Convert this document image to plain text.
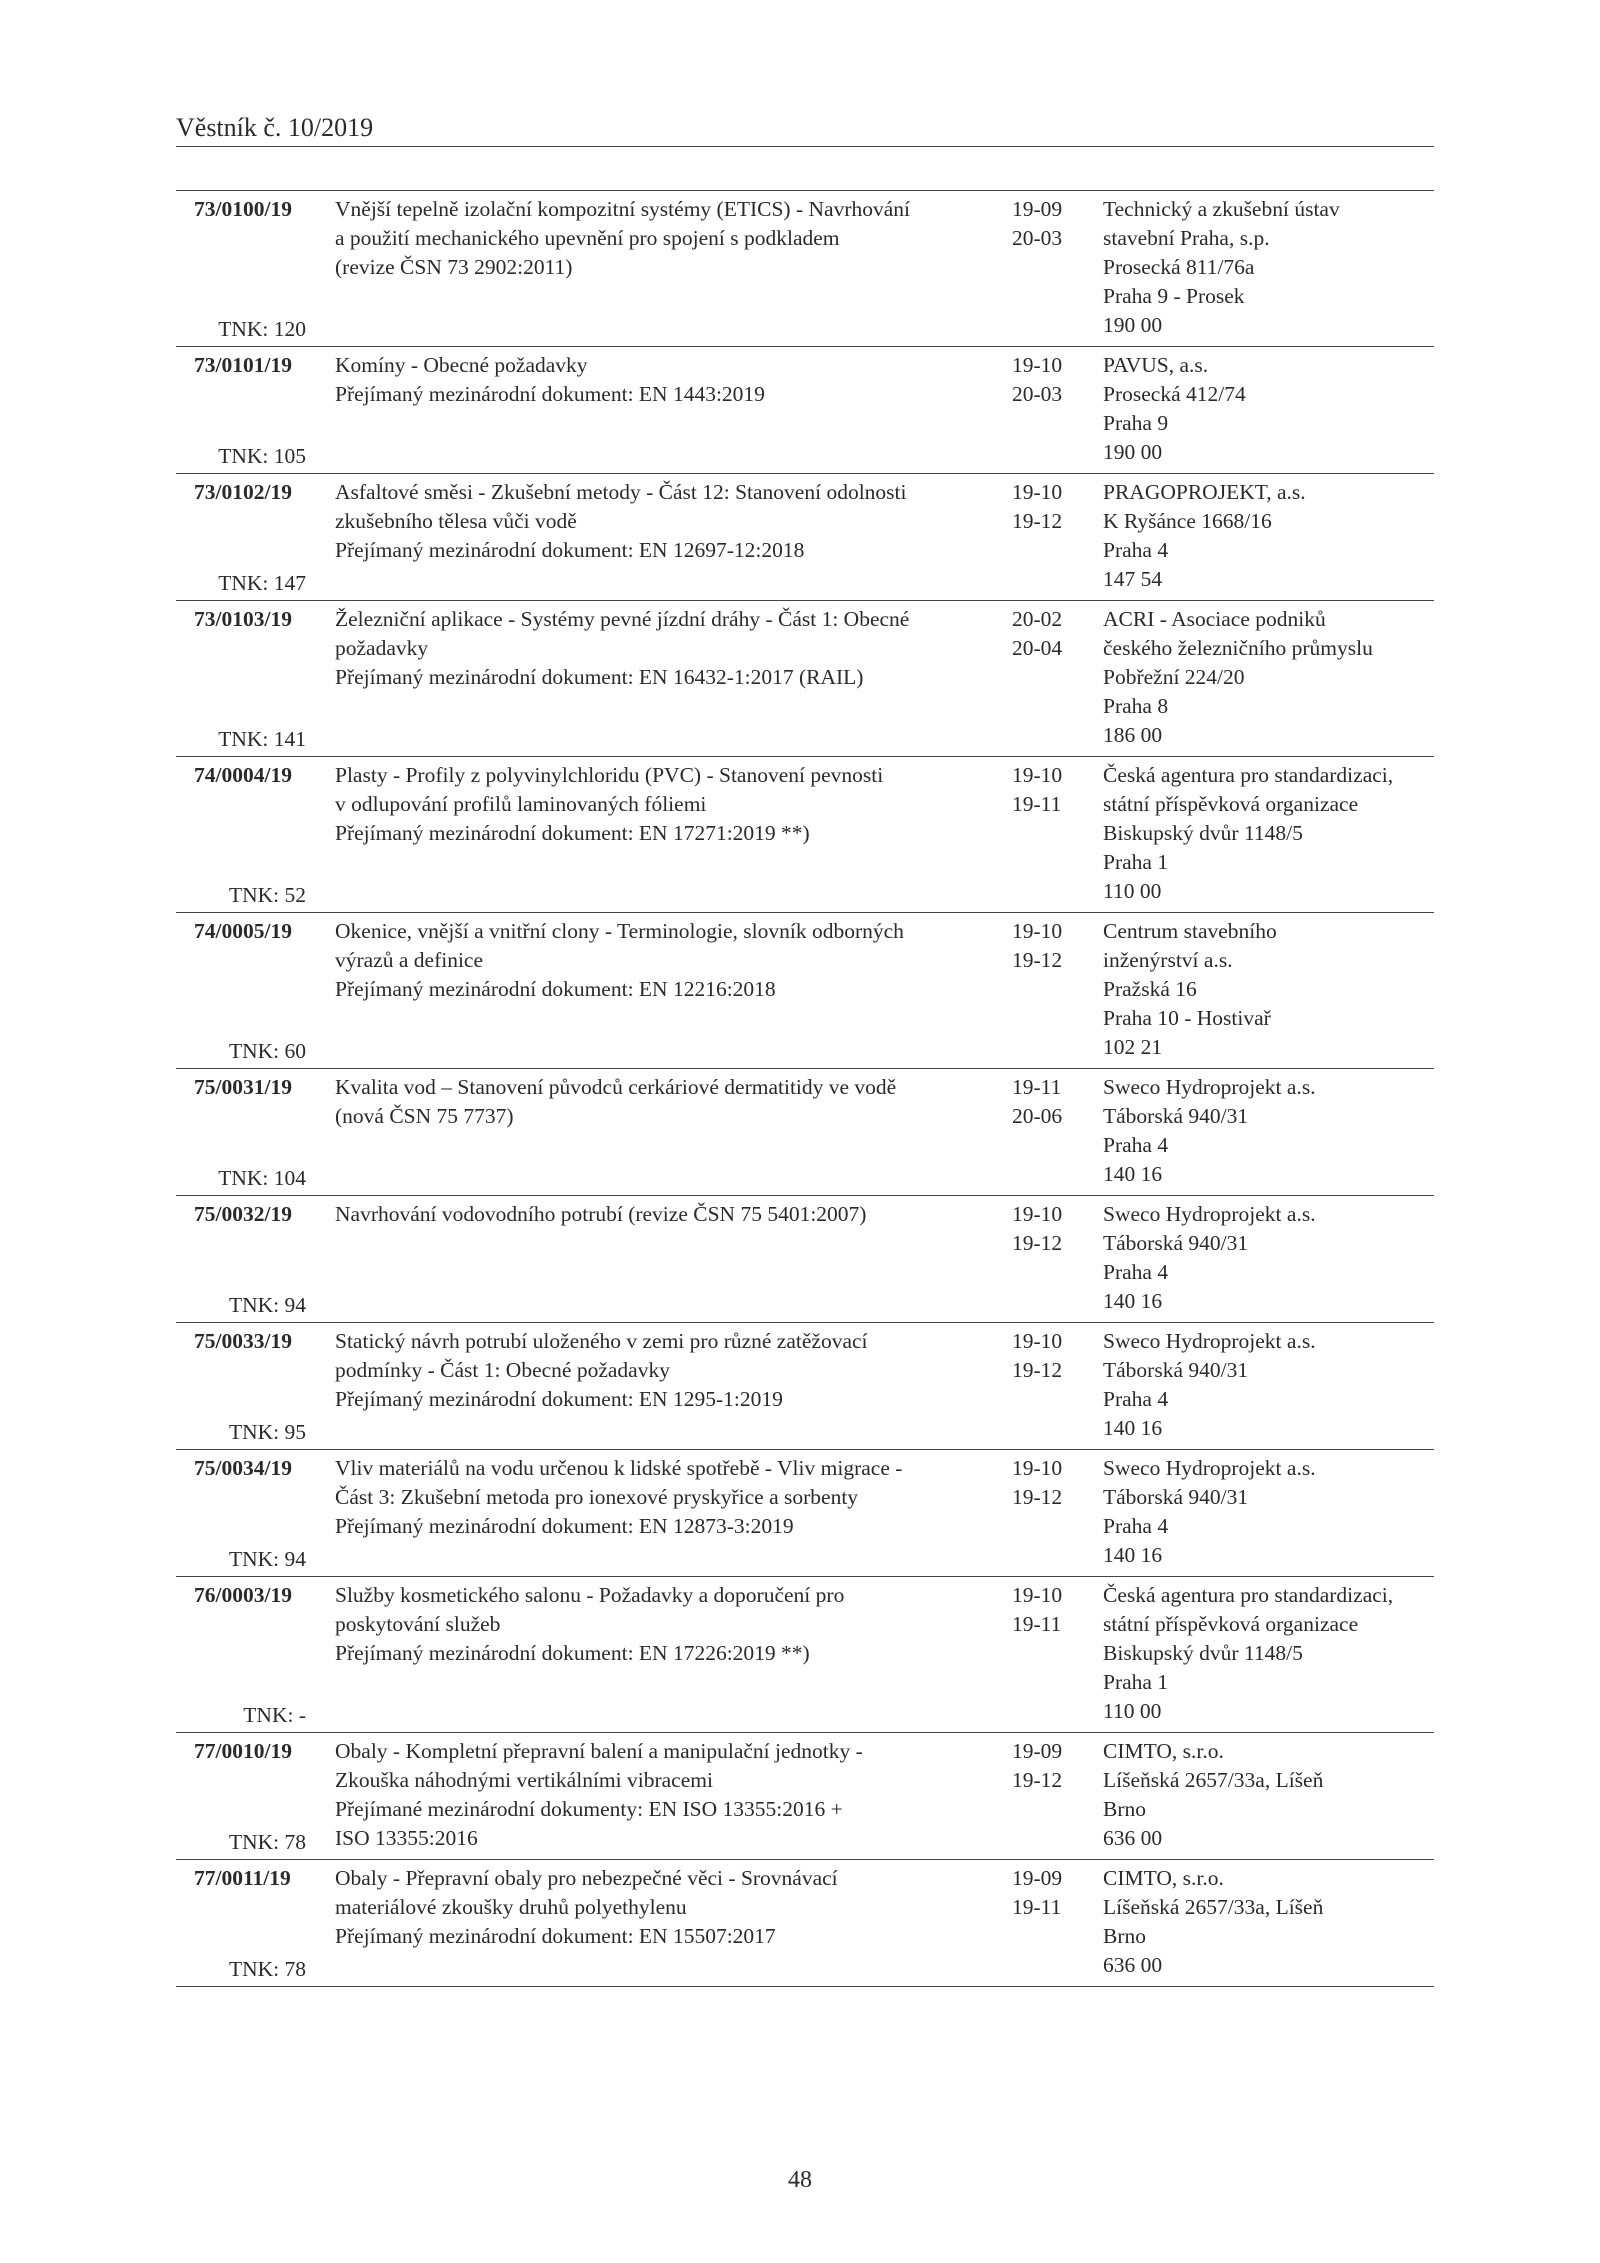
Věstník č. 10/2019
73/0100/19
TNK: 120
Vnější tepelně izolační kompozitní systémy (ETICS) - Navrhování
a použití mechanického upevnění pro spojení s podkladem
(revize ČSN 73 2902:2011)
19-09
20-03
Technický a zkušební ústav
stavební Praha, s.p.
Prosecká 811/76a
Praha 9 - Prosek
190 00
73/0101/19
TNK: 105
Komíny - Obecné požadavky
Přejímaný mezinárodní dokument: EN 1443:2019
19-10
20-03
PAVUS, a.s.
Prosecká 412/74
Praha 9
190 00
73/0102/19
TNK: 147
Asfaltové směsi - Zkušební metody - Část 12: Stanovení odolnosti
zkušebního tělesa vůči vodě
Přejímaný mezinárodní dokument: EN 12697-12:2018
19-10
19-12
PRAGOPROJEKT, a.s.
K Ryšánce 1668/16
Praha 4
147 54
73/0103/19
TNK: 141
Železniční aplikace - Systémy pevné jízdní dráhy - Část 1: Obecné
požadavky
Přejímaný mezinárodní dokument: EN 16432-1:2017 (RAIL)
20-02
20-04
ACRI - Asociace podniků
českého železničního průmyslu
Pobřežní 224/20
Praha 8
186 00
74/0004/19
TNK: 52
Plasty - Profily z polyvinylchloridu (PVC) - Stanovení pevnosti
v odlupování profilů laminovaných fóliemi
Přejímaný mezinárodní dokument: EN 17271:2019 **)
19-10
19-11
Česká agentura pro standardizaci,
státní příspěvková organizace
Biskupský dvůr 1148/5
Praha 1
110 00
74/0005/19
TNK: 60
Okenice, vnější a vnitřní clony - Terminologie, slovník odborných
výrazů a definice
Přejímaný mezinárodní dokument: EN 12216:2018
19-10
19-12
Centrum stavebního
inženýrství a.s.
Pražská 16
Praha 10 - Hostivař
102 21
75/0031/19
TNK: 104
Kvalita vod – Stanovení původců cerkáriové dermatitidy ve vodě
(nová ČSN 75 7737)
19-11
20-06
Sweco Hydroprojekt a.s.
Táborská 940/31
Praha 4
140 16
75/0032/19
TNK: 94
Navrhování vodovodního potrubí (revize ČSN 75 5401:2007)	19-10
19-12
Sweco Hydroprojekt a.s.
Táborská 940/31
Praha 4
140 16
75/0033/19
TNK: 95
Statický návrh potrubí uloženého v zemi pro různé zatěžovací
podmínky - Část 1: Obecné požadavky
Přejímaný mezinárodní dokument: EN 1295-1:2019
19-10
19-12
Sweco Hydroprojekt a.s.
Táborská 940/31
Praha 4
140 16
75/0034/19
TNK: 94
Vliv materiálů na vodu určenou k lidské spotřebě - Vliv migrace -
Část 3: Zkušební metoda pro ionexové pryskyřice a sorbenty
Přejímaný mezinárodní dokument: EN 12873-3:2019
19-10
19-12
Sweco Hydroprojekt a.s.
Táborská 940/31
Praha 4
140 16
76/0003/19
TNK: -
Služby kosmetického salonu - Požadavky a doporučení pro
poskytování služeb
Přejímaný mezinárodní dokument: EN 17226:2019 **)
19-10
19-11
Česká agentura pro standardizaci,
státní příspěvková organizace
Biskupský dvůr 1148/5
Praha 1
110 00
77/0010/19
TNK: 78
Obaly - Kompletní přepravní balení a manipulační jednotky -
Zkouška náhodnými vertikálními vibracemi
Přejímané mezinárodní dokumenty: EN ISO 13355:2016 +
ISO 13355:2016
19-09
19-12
CIMTO, s.r.o.
Líšeňská 2657/33a, Líšeň
Brno
636 00
77/0011/19
TNK: 78
Obaly - Přepravní obaly pro nebezpečné věci - Srovnávací
materiálové zkoušky druhů polyethylenu
Přejímaný mezinárodní dokument: EN 15507:2017
19-09
19-11
CIMTO, s.r.o.
Líšeňská 2657/33a, Líšeň
Brno
636 00
48
